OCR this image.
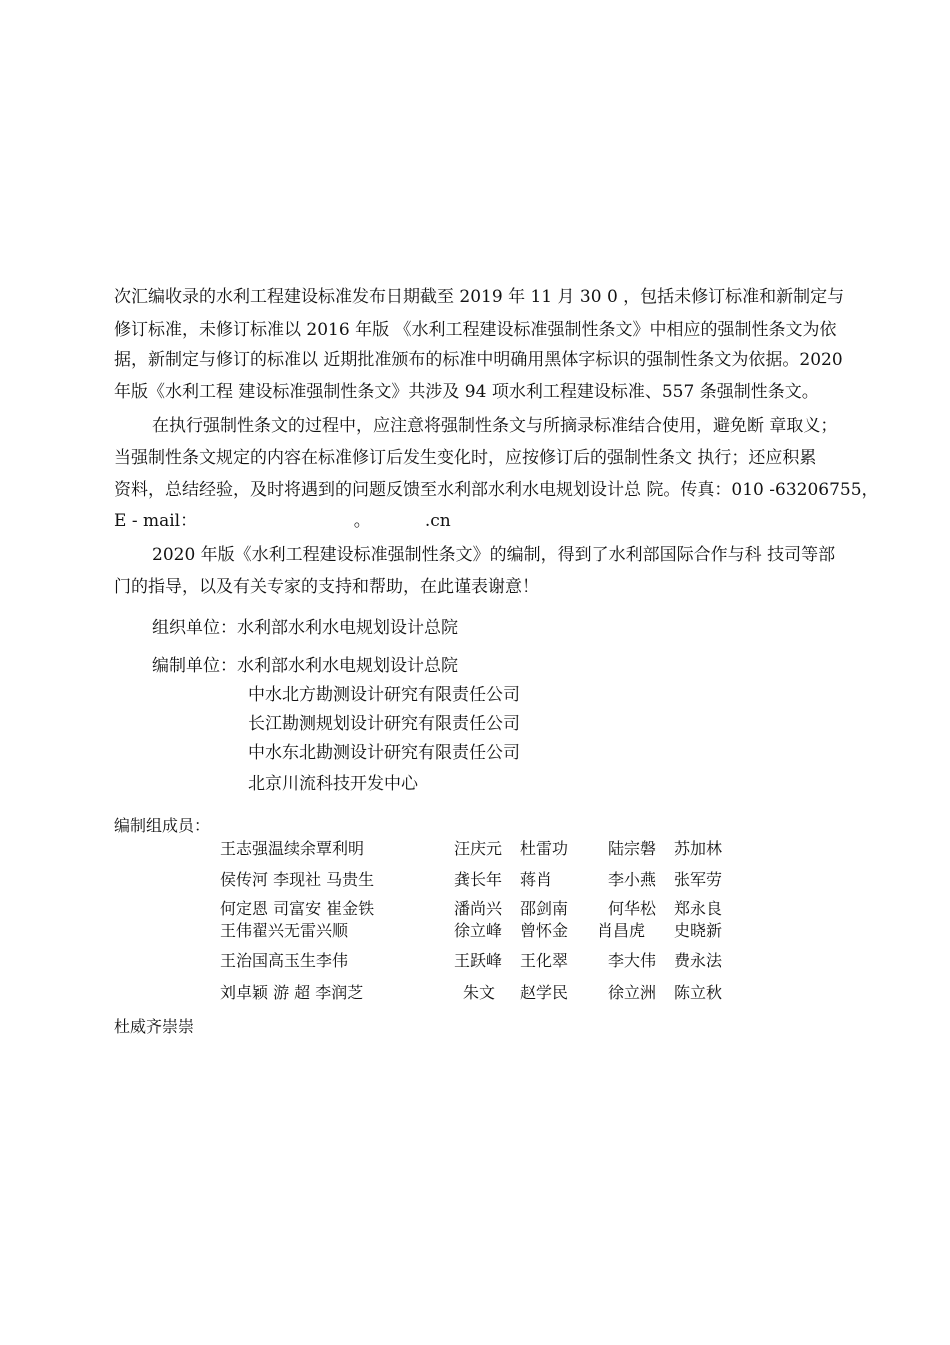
次汇编收录的水利工程建设标准发布日期截至 2019 年 11 月 30 0 ，包括未修订标准和新制定与
修订标准，未修订标准以 2016 年版 《水利工程建设标准强制性条文》中相应的强制性条文为依
据，新制定与修订的标准以 近期批准颁布的标准中明确用黑体字标识的强制性条文为依据。2020
年版《水利工程 建设标准强制性条文》共涉及 94 项水利工程建设标准、557 条强制性条文。
在执行强制性条文的过程中，应注意将强制性条文与所摘录标准结合使用，避免断 章取义；
当强制性条文规定的内容在标准修订后发生变化时，应按修订后的强制性条文 执行；还应积累
资料，总结经验，及时将遇到的问题反馈至水利部水利水电规划设计总 院。传真：010 -63206755，
E - mail：                             。          .cn
2020 年版《水利工程建设标准强制性条文》的编制，得到了水利部国际合作与科 技司等部
门的指导，以及有关专家的支持和帮助，在此谨表谢意！
组织单位： 水利部水利水电规划设计总院
编制单位： 水利部水利水电规划设计总院
中水北方勘测设计研究有限责任公司
长江勘测规划设计研究有限责任公司
中水东北勘测设计研究有限责任公司
北京川流科技开发中心
编制组成员：
王志强温续余覃利明	汪庆元 杜雷功 陆宗磐 苏加林
侯传河 李现社 马贵生	龚长年 蒋肖	李小燕 张军劳
何定恩 司富安 崔金铁	潘尚兴 邵剑南 何华松 郑永良
王伟翟兴无雷兴顺	徐立峰 曾怀金 肖昌虎 史晓新
王治国高玉生李伟	王跃峰 王化翠 李大伟 费永法
刘卓颖 游 超 李润芝	朱文 赵学民 徐立洲 陈立秋
杜威齐崇崇
